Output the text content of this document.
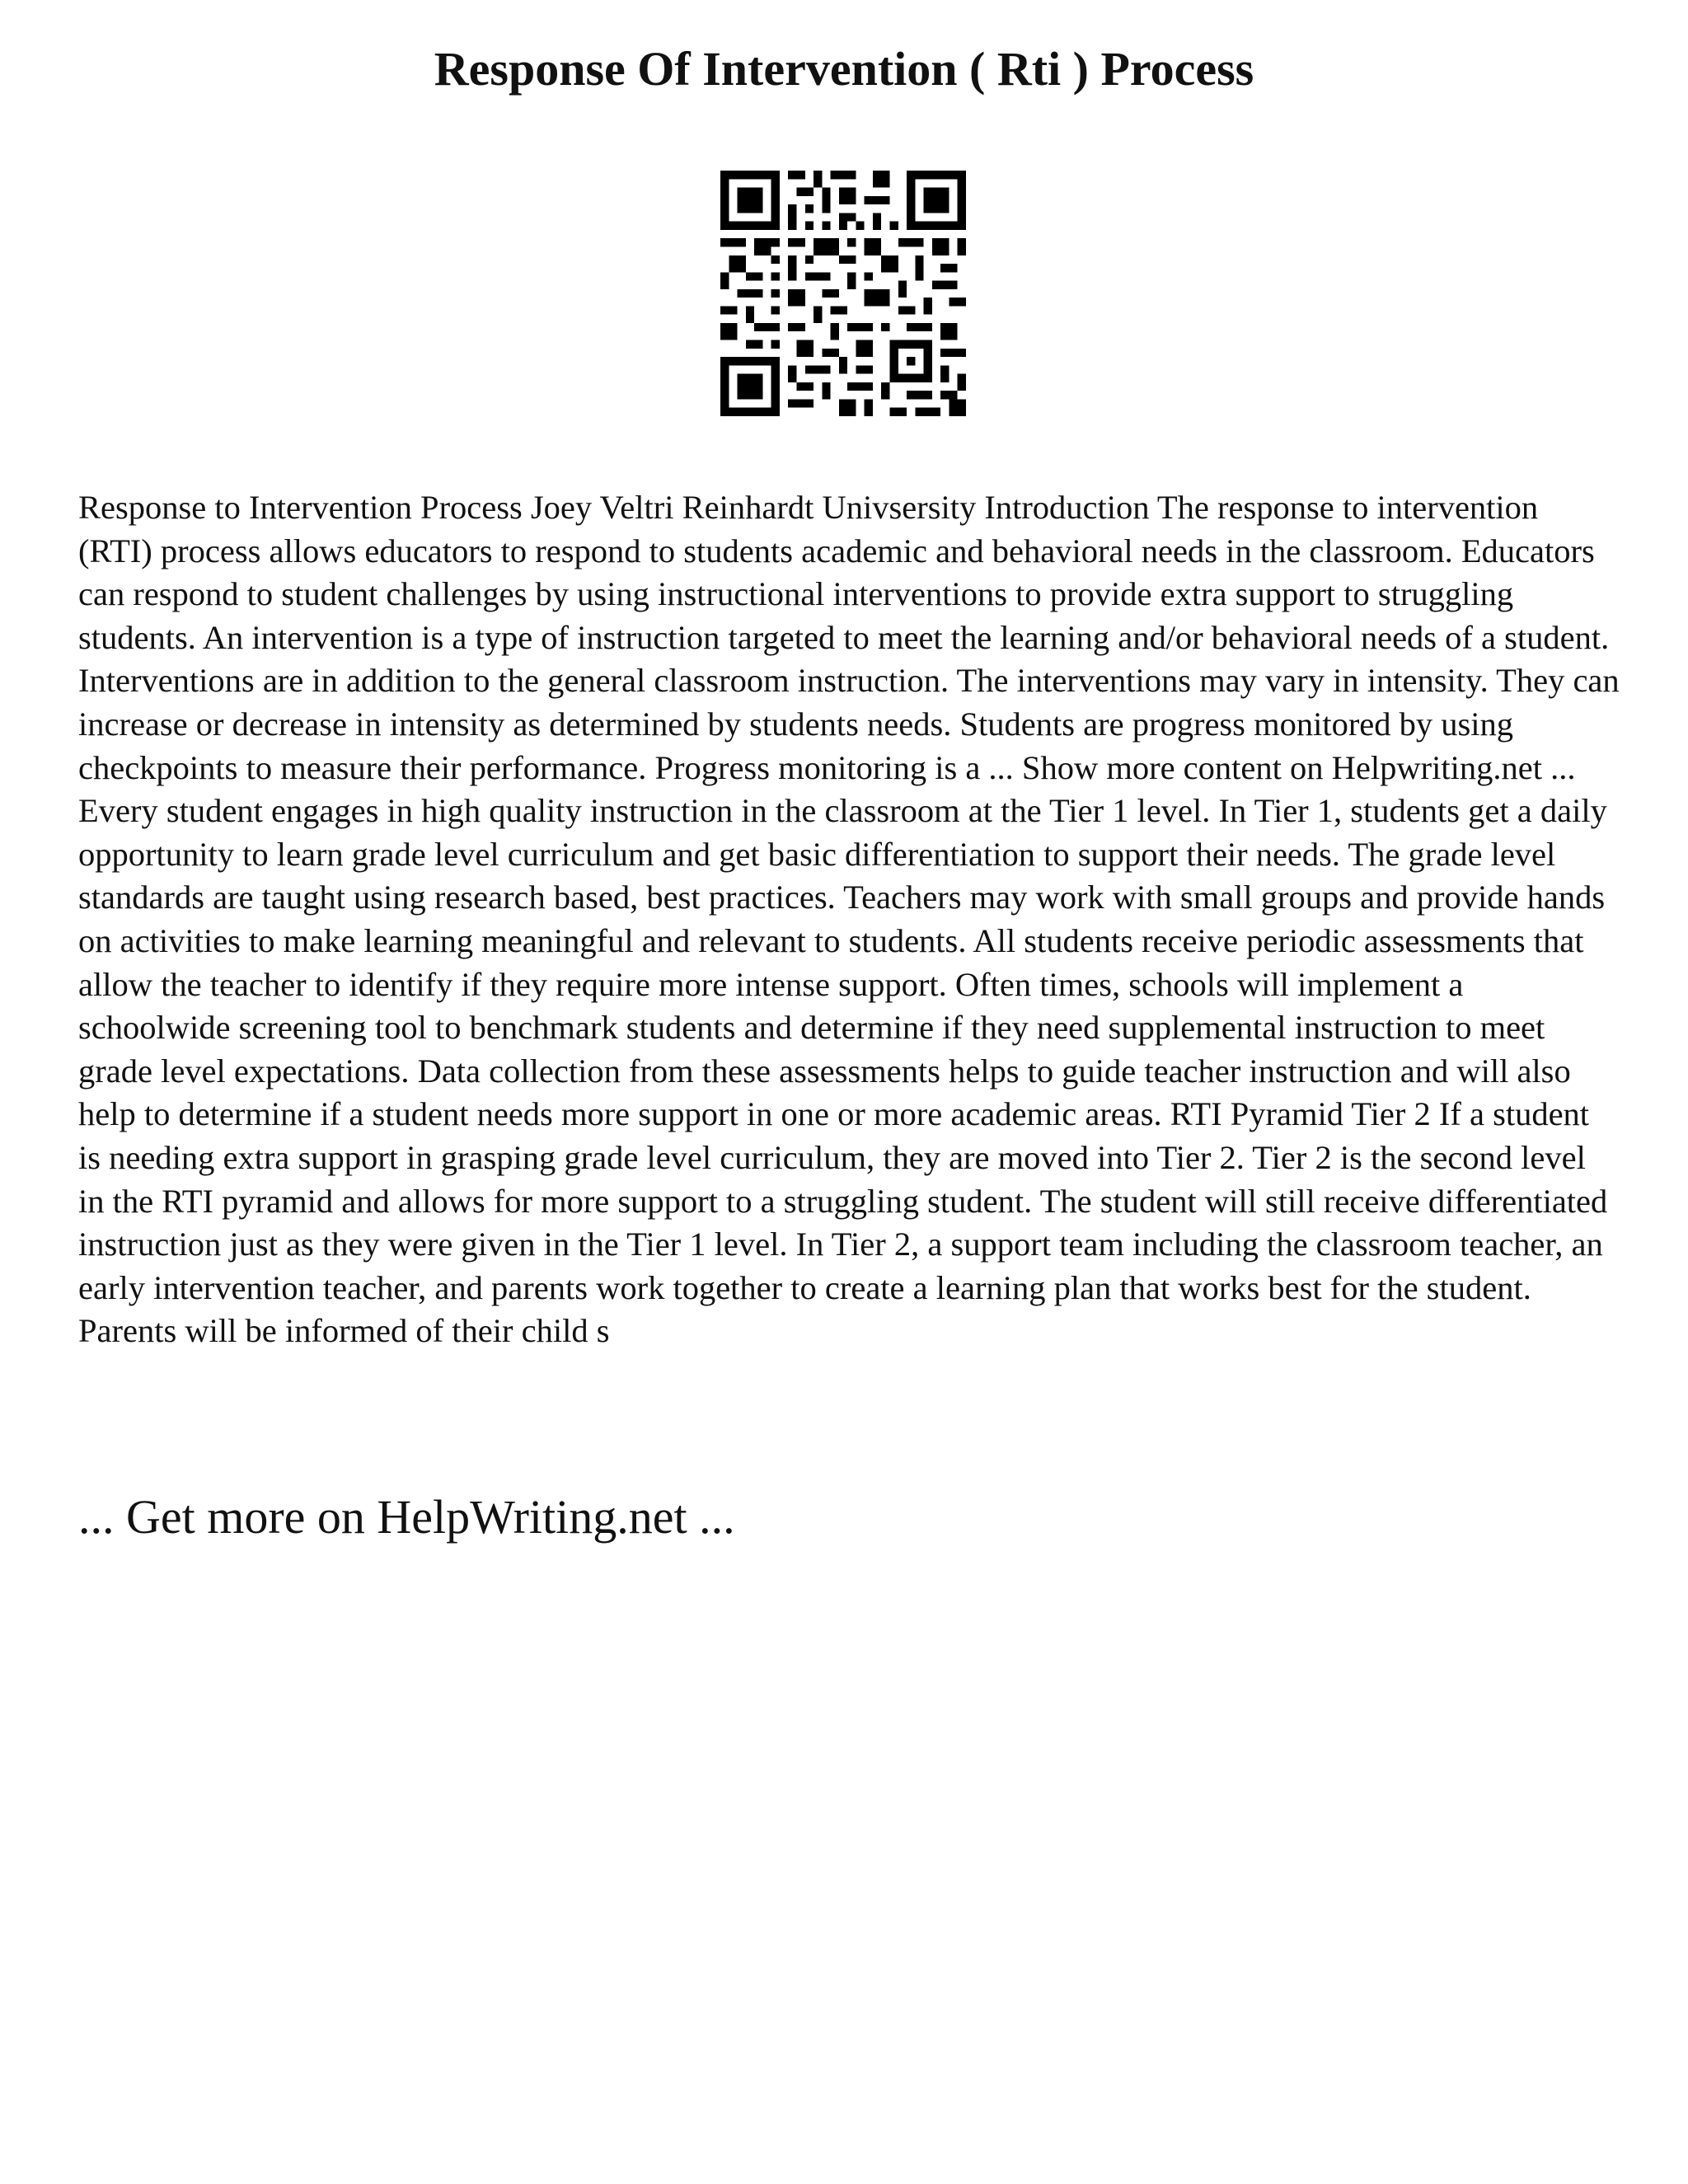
Response Of Intervention ( Rti ) Process

Response to Intervention Process Joey Veltri Reinhardt Univsersity Introduction The response to intervention (RTI) process allows educators to respond to students academic and behavioral needs in the classroom. Educators can respond to student challenges by using instructional interventions to provide extra support to struggling students. An intervention is a type of instruction targeted to meet the learning and/or behavioral needs of a student. Interventions are in addition to the general classroom instruction. The interventions may vary in intensity. They can increase or decrease in intensity as determined by students needs. Students are progress monitored by using checkpoints to measure their performance. Progress monitoring is a ... Show more content on Helpwriting.net ... Every student engages in high quality instruction in the classroom at the Tier 1 level. In Tier 1, students get a daily opportunity to learn grade level curriculum and get basic differentiation to support their needs. The grade level standards are taught using research based, best practices. Teachers may work with small groups and provide hands on activities to make learning meaningful and relevant to students. All students receive periodic assessments that allow the teacher to identify if they require more intense support. Often times, schools will implement a schoolwide screening tool to benchmark students and determine if they need supplemental instruction to meet grade level expectations. Data collection from these assessments helps to guide teacher instruction and will also help to determine if a student needs more support in one or more academic areas. RTI Pyramid Tier 2 If a student is needing extra support in grasping grade level curriculum, they are moved into Tier 2. Tier 2 is the second level in the RTI pyramid and allows for more support to a struggling student. The student will still receive differentiated instruction just as they were given in the Tier 1 level. In Tier 2, a support team including the classroom teacher, an early intervention teacher, and parents work together to create a learning plan that works best for the student. Parents will be informed of their child s

... Get more on HelpWriting.net ...
